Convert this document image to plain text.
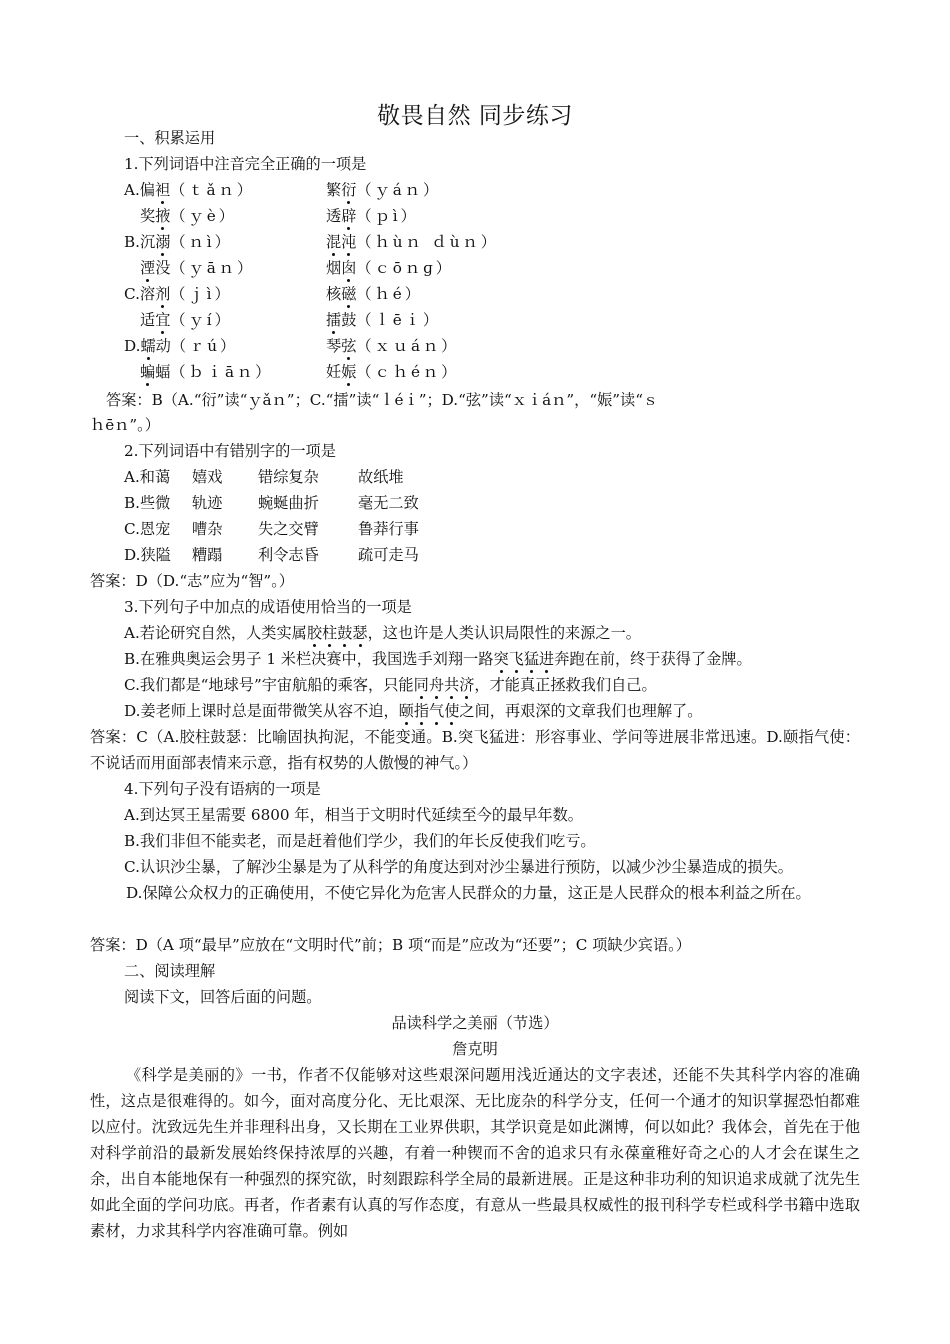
敬畏自然 同步练习
一、积累运用
1.下列词语中注音完全正确的一项是
A.偏袒（ｔǎｎ）	繁衍（ｙáｎ）
奖掖（ｙè）	透辟（ｐì）
B.沉溺（ｎì）	混沌（ｈùｎ ｄùｎ）
湮没（ｙāｎ）	烟囱（ｃōｎɡ）
C.溶剂（ｊì）	核磁（ｈé）
适宜（ｙí）	擂鼓（ｌēｉ）
D.蠕动（ｒú）	琴弦（ｘｕáｎ）
蝙蝠（ｂｉāｎ）	妊娠（ｃｈéｎ）
答案：B（A.“衍”读“ｙǎｎ”；C.“擂”读“ｌéｉ”；D.“弦”读“ｘｉáｎ”，“娠”读“ｓ
ｈēｎ”。）
2.下列词语中有错别字的一项是
A.和蔼 嬉戏 错综复杂	故纸堆
B.些微 轨迹 蜿蜒曲折	毫无二致
C.恩宠 嘈杂 失之交臂	鲁莽行事
D.狭隘 糟蹋 利令志昏	疏可走马
答案：D（D.“志”应为“智”。）
3.下列句子中加点的成语使用恰当的一项是
A.若论研究自然，人类实属胶柱鼓瑟，这也许是人类认识局限性的来源之一。
B.在雅典奥运会男子 1 米栏决赛中，我国选手刘翔一路突飞猛进奔跑在前，终于获得了金牌。
C.我们都是“地球号”宇宙航船的乘客，只能同舟共济，才能真正拯救我们自己。
D.姜老师上课时总是面带微笑从容不迫，颐指气使之间，再艰深的文章我们也理解了。
答案：C（A.胶柱鼓瑟：比喻固执拘泥，不能变通。B.突飞猛进：形容事业、学问等进展非常迅速。D.颐指气使：不说话而用面部表情来示意，指有权势的人傲慢的神气。）
4.下列句子没有语病的一项是
A.到达冥王星需要 6800 年，相当于文明时代延续至今的最早年数。
B.我们非但不能卖老，而是赶着他们学少，我们的年长反使我们吃亏。
C.认识沙尘暴，了解沙尘暴是为了从科学的角度达到对沙尘暴进行预防，以减少沙尘暴造成的损失。
D.保障公众权力的正确使用，不使它异化为危害人民群众的力量，这正是人民群众的根本利益之所在。
答案：D（A 项“最早”应放在“文明时代”前；B 项“而是”应改为“还要”；C 项缺少宾语。）
二、阅读理解
阅读下文，回答后面的问题。
品读科学之美丽（节选）
詹克明
《科学是美丽的》一书，作者不仅能够对这些艰深问题用浅近通达的文字表述，还能不失其科学内容的准确性，这点是很难得的。如今，面对高度分化、无比艰深、无比庞杂的科学分支，任何一个通才的知识掌握恐怕都难以应付。沈致远先生并非理科出身，又长期在工业界供职，其学识竟是如此渊博，何以如此？我体会，首先在于他对科学前沿的最新发展始终保持浓厚的兴趣，有着一种锲而不舍的追求只有永葆童稚好奇之心的人才会在谋生之余，出自本能地保有一种强烈的探究欲，时刻跟踪科学全局的最新进展。正是这种非功利的知识追求成就了沈先生如此全面的学问功底。再者，作者素有认真的写作态度，有意从一些最具权威性的报刊科学专栏或科学书籍中选取素材，力求其科学内容准确可靠。例如
